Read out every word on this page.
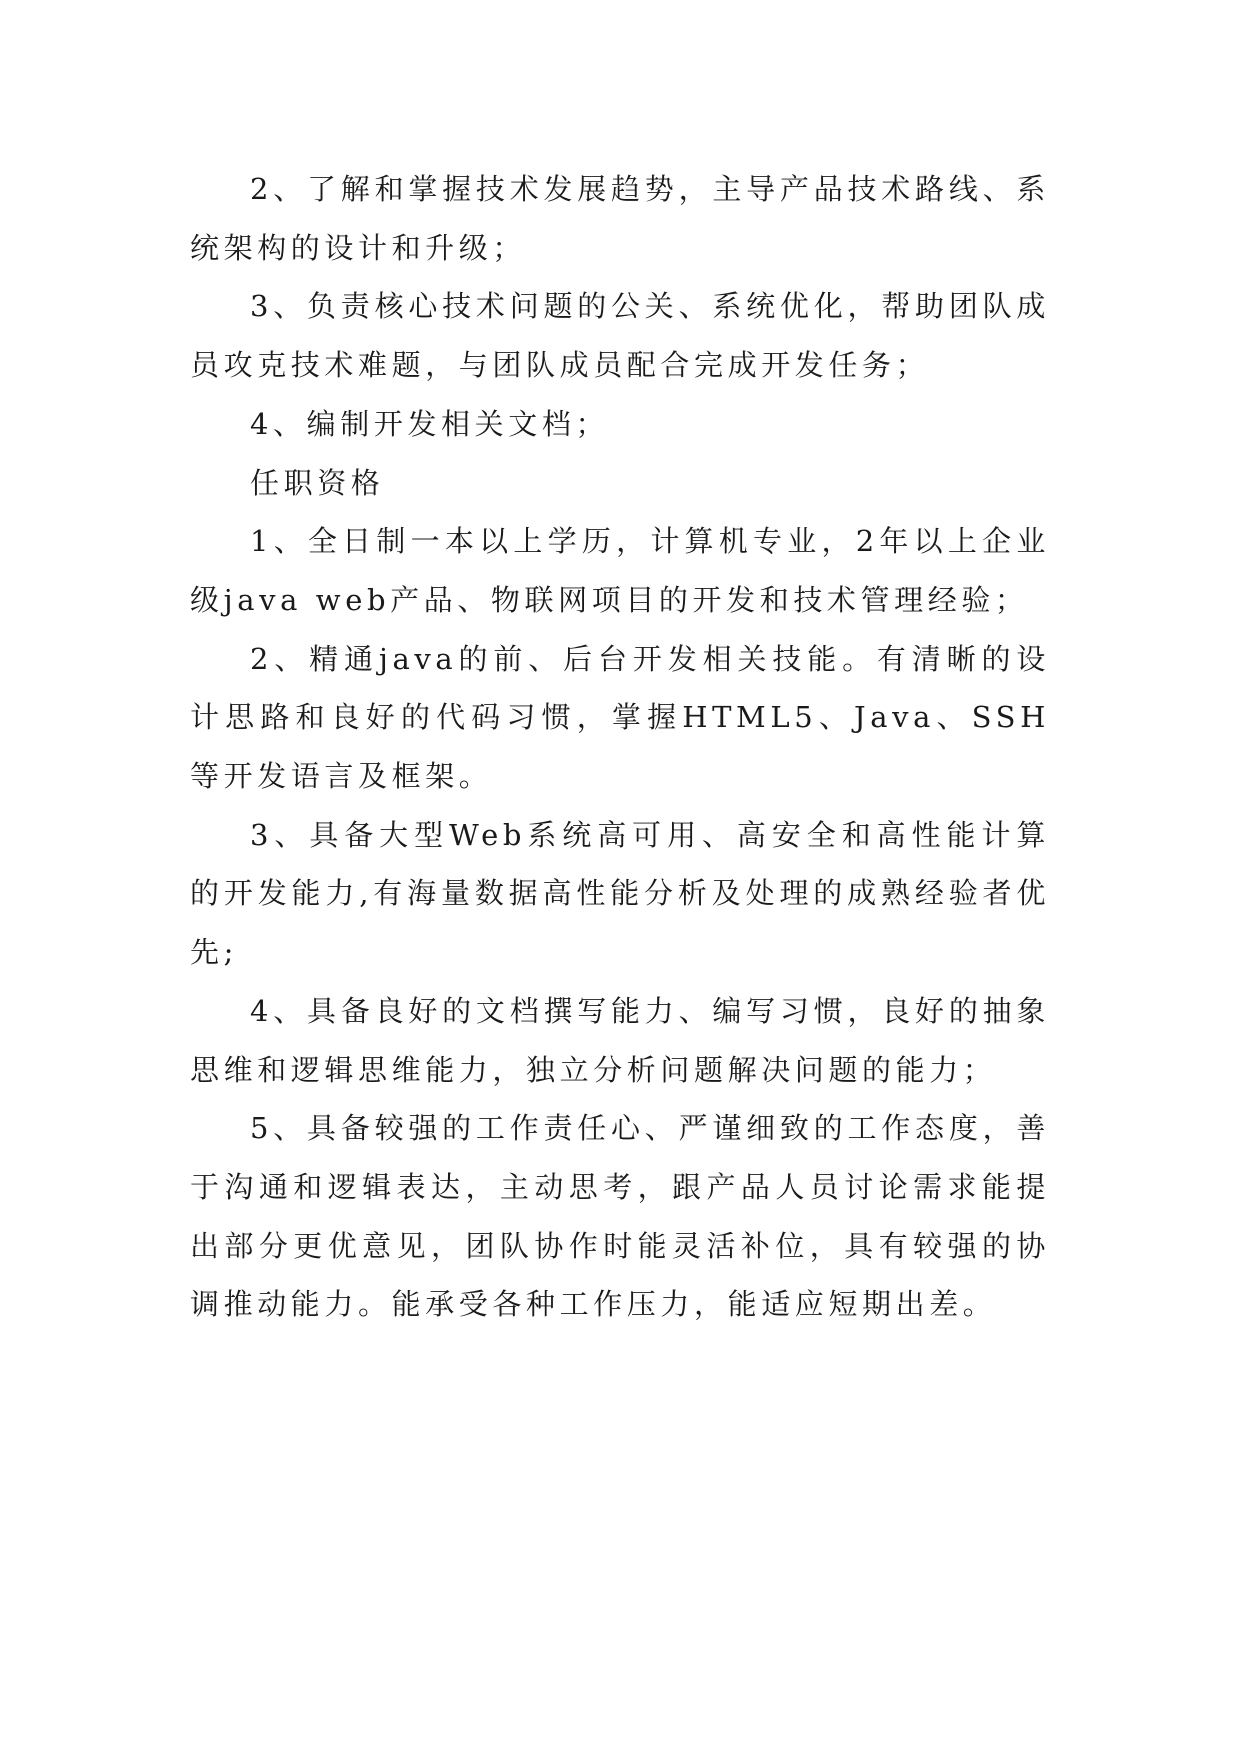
2、了解和掌握技术发展趋势，主导产品技术路线、系统架构的设计和升级；

3、负责核心技术问题的公关、系统优化，帮助团队成员攻克技术难题，与团队成员配合完成开发任务；

4、编制开发相关文档；

任职资格

1、全日制一本以上学历，计算机专业，2年以上企业级java web产品、物联网项目的开发和技术管理经验；

2、精通java的前、后台开发相关技能。有清晰的设计思路和良好的代码习惯，掌握HTML5、Java、SSH等开发语言及框架。

3、具备大型Web系统高可用、高安全和高性能计算的开发能力,有海量数据高性能分析及处理的成熟经验者优先;

4、具备良好的文档撰写能力、编写习惯，良好的抽象思维和逻辑思维能力，独立分析问题解决问题的能力；

5、具备较强的工作责任心、严谨细致的工作态度，善于沟通和逻辑表达，主动思考，跟产品人员讨论需求能提出部分更优意见，团队协作时能灵活补位，具有较强的协调推动能力。能承受各种工作压力，能适应短期出差。
